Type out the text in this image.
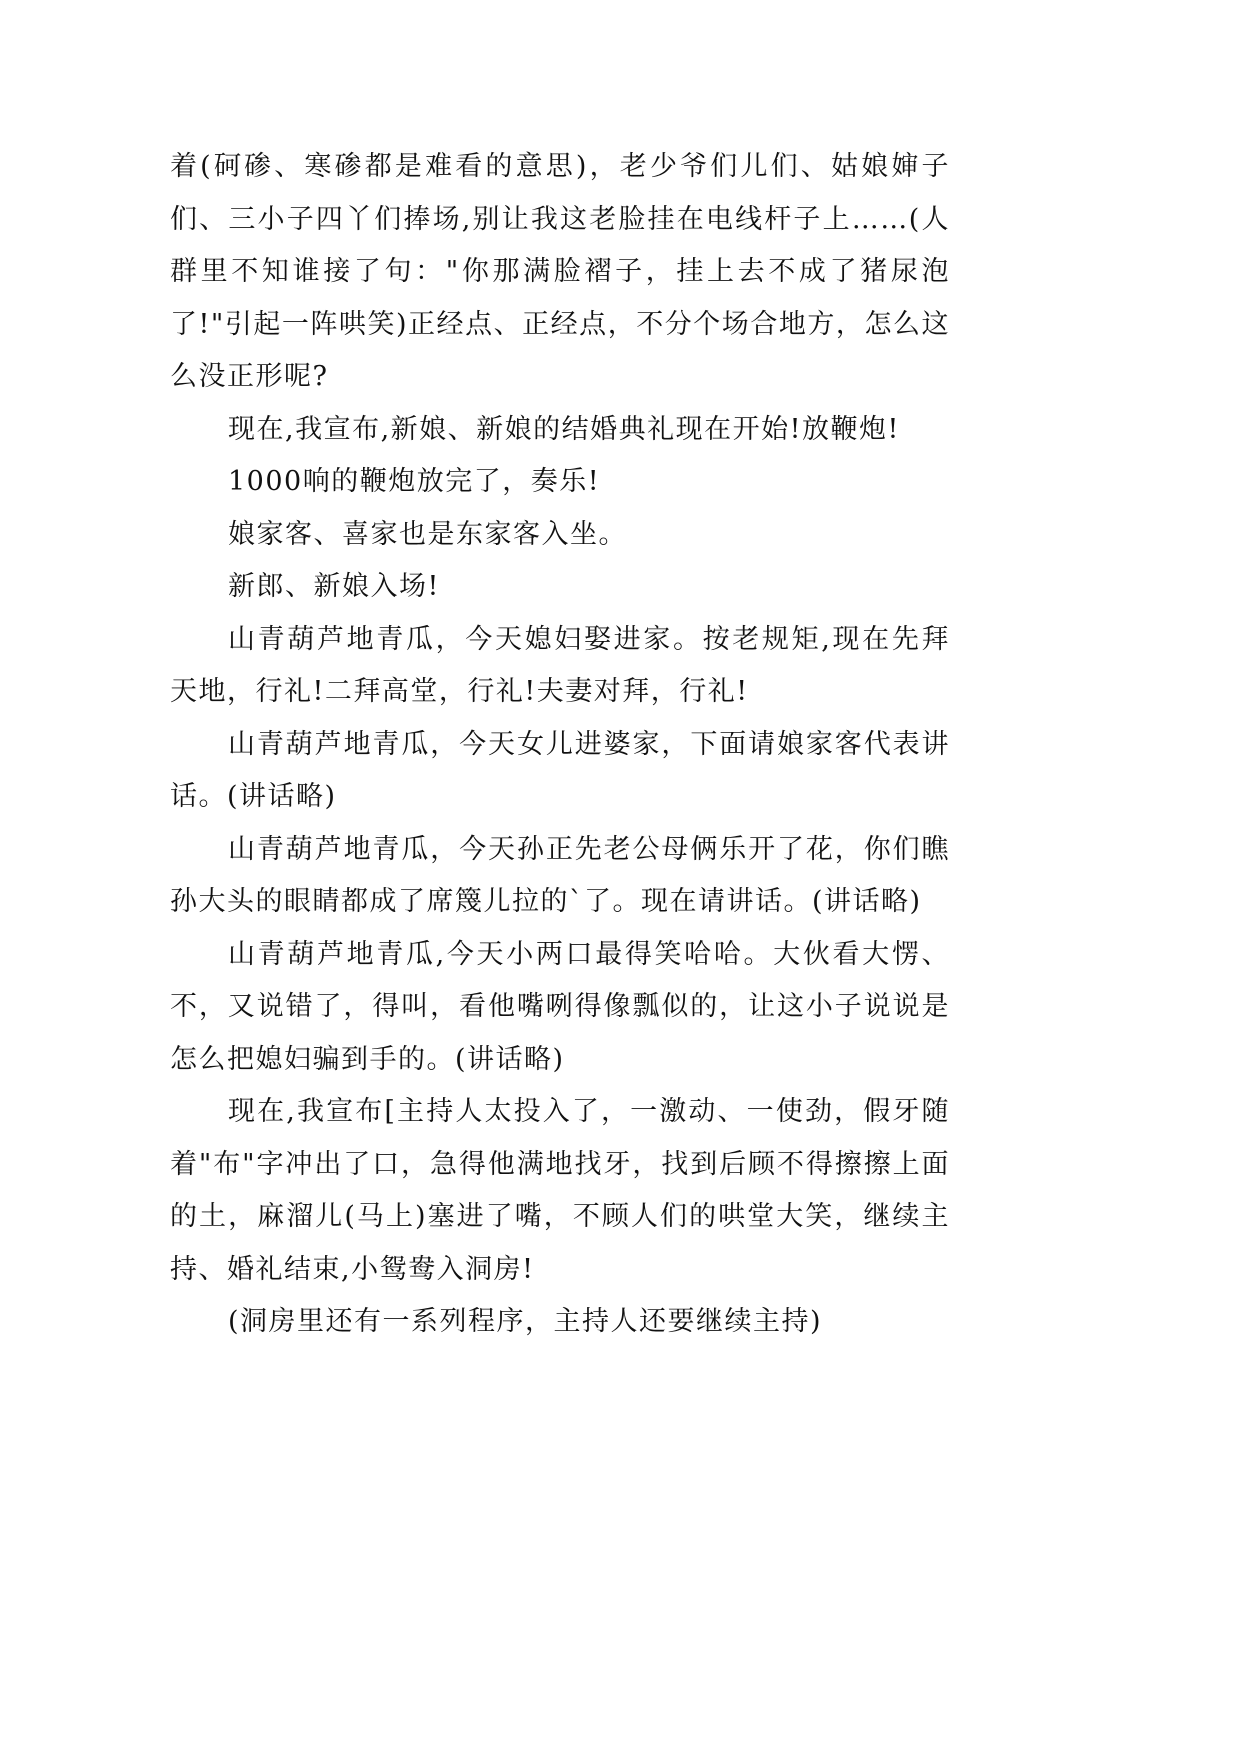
着(砢碜、寒碜都是难看的意思)，老少爷们儿们、姑娘婶子们、三小子四丫们捧场,别让我这老脸挂在电线杆子上……(人群里不知谁接了句："你那满脸褶子，挂上去不成了猪尿泡了!"引起一阵哄笑)正经点、正经点，不分个场合地方，怎么这么没正形呢?

现在,我宣布,新娘、新娘的结婚典礼现在开始!放鞭炮!

1000响的鞭炮放完了，奏乐!

娘家客、喜家也是东家客入坐。

新郎、新娘入场!

山青葫芦地青瓜，今天媳妇娶进家。按老规矩,现在先拜天地，行礼!二拜高堂，行礼!夫妻对拜，行礼!

山青葫芦地青瓜，今天女儿进婆家，下面请娘家客代表讲话。(讲话略)

山青葫芦地青瓜，今天孙正先老公母俩乐开了花，你们瞧孙大头的眼睛都成了席篾儿拉的`了。现在请讲话。(讲话略)

山青葫芦地青瓜,今天小两口最得笑哈哈。大伙看大愣、不，又说错了，得叫，看他嘴咧得像瓢似的，让这小子说说是怎么把媳妇骗到手的。(讲话略)

现在,我宣布[主持人太投入了，一激动、一使劲，假牙随着"布"字冲出了口，急得他满地找牙，找到后顾不得擦擦上面的土，麻溜儿(马上)塞进了嘴，不顾人们的哄堂大笑，继续主持、婚礼结束,小鸳鸯入洞房!

(洞房里还有一系列程序，主持人还要继续主持)
